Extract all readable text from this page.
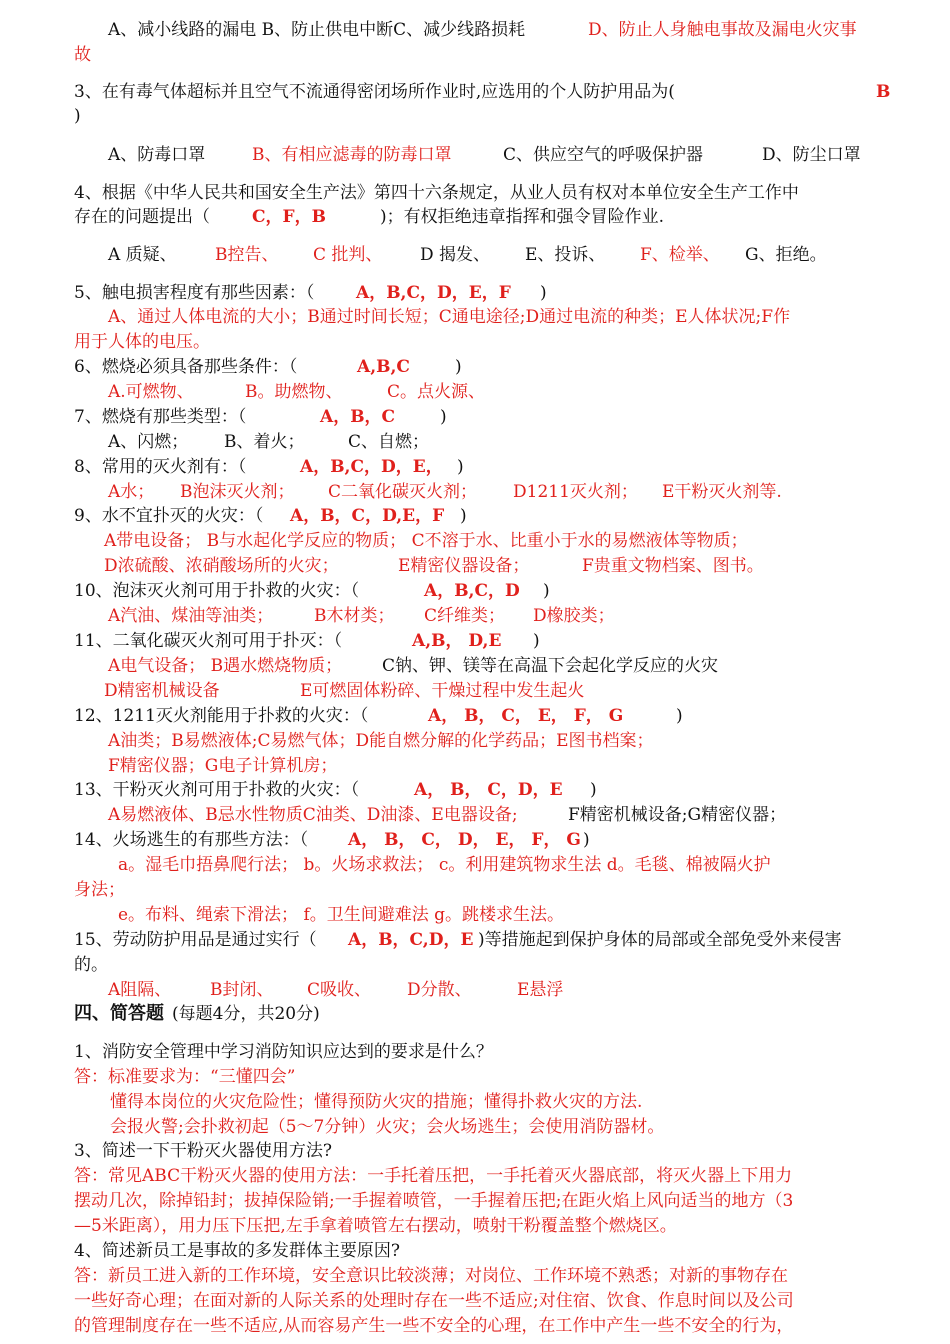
A、减小线路的漏电 B、防止供电中断C、减少线路损耗	D、防止人身触电事故及漏电火灾事
故
3、在有毒气体超标并且空气不流通得密闭场所作业时,应选用的个人防护用品为(	B
)
A、防毒口罩	B、有相应滤毒的防毒口罩	C、供应空气的呼吸保护器	D、防尘口罩
4、根据《中华人民共和国安全生产法》第四十六条规定，从业人员有权对本单位安全生产工作中
存在的问题提出（ C，F，B	)；有权拒绝违章指挥和强令冒险作业.
A 质疑、 B控告、 C 批判、 D 揭发、 E、投诉、 F、检举、 G、拒绝。
5、触电损害程度有那些因素：（ A，B,C，D，E，F )
A、通过人体电流的大小；B通过时间长短；C通电途径;D通过电流的种类；E人体状况;F作
用于人体的电压。
6、燃烧必须具备那些条件：（	A,B,C	)
A.可燃物、	B。助燃物、	C。点火源、
7、燃烧有那些类型：（	A，B，C	)
A、闪燃； B、着火；	C、自燃；
8、常用的灭火剂有：（	A，B,C，D，E， )
A水； B泡沫灭火剂； C二氧化碳灭火剂； D1211灭火剂； E干粉灭火剂等.
9、水不宜扑灭的火灾：（ A，B，C，D,E，F )
A带电设备； B与水起化学反应的物质； C不溶于水、比重小于水的易燃液体等物质；
D浓硫酸、浓硝酸场所的火灾；	E精密仪器设备；	F贵重文物档案、图书。
10、泡沫灭火剂可用于扑救的火灾：（	A，B,C，D )
A汽油、煤油等油类； B木材类； C纤维类； D橡胶类；
11、二氧化碳灭火剂可用于扑灭：（	A,B， D,E )
A电气设备； B遇水燃烧物质； C钠、钾、镁等在高温下会起化学反应的火灾
D精密机械设备	E可燃固体粉碎、干燥过程中发生起火
12、1211灭火剂能用于扑救的火灾：（	A， B， C， E， F， G	)
A油类；B易燃液体;C易燃气体；D能自燃分解的化学药品；E图书档案；
F精密仪器；G电子计算机房；
13、干粉灭火剂可用于扑救的火灾：（	A， B， C，D，E )
A易燃液体、B忌水性物质C油类、D油漆、E电器设备;	F精密机械设备;G精密仪器；
14、火场逃生的有那些方法：（ A， B， C， D， E， F， G )
a。湿毛巾捂鼻爬行法； b。火场求救法； c。利用建筑物求生法 d。毛毯、棉被隔火护
身法；
e。布料、绳索下滑法； f。卫生间避难法 g。跳楼求生法。
15、劳动防护用品是通过实行（ A，B，C,D，E )等措施起到保护身体的局部或全部免受外来侵害
的。
A阻隔、 B封闭、 C吸收、 D分散、	E悬浮
四、简答题 (每题4分，共20分)
1、消防安全管理中学习消防知识应达到的要求是什么？
答：标准要求为：“三懂四会”
懂得本岗位的火灾危险性；懂得预防火灾的措施；懂得扑救火灾的方法.
会报火警;会扑救初起（5～7分钟）火灾；会火场逃生；会使用消防器材。
3、简述一下干粉灭火器使用方法?
答：常见ABC干粉灭火器的使用方法：一手托着压把，一手托着灭火器底部，将灭火器上下用力
摆动几次，除掉铅封；拔掉保险销;一手握着喷管，一手握着压把;在距火焰上风向适当的地方（3
—5米距离），用力压下压把,左手拿着喷管左右摆动，喷射干粉覆盖整个燃烧区。
4、简述新员工是事故的多发群体主要原因?
答：新员工进入新的工作环境，安全意识比较淡薄；对岗位、工作环境不熟悉；对新的事物存在
一些好奇心理；在面对新的人际关系的处理时存在一些不适应;对住宿、饮食、作息时间以及公司
的管理制度存在一些不适应,从而容易产生一些不安全的心理，在工作中产生一些不安全的行为，
